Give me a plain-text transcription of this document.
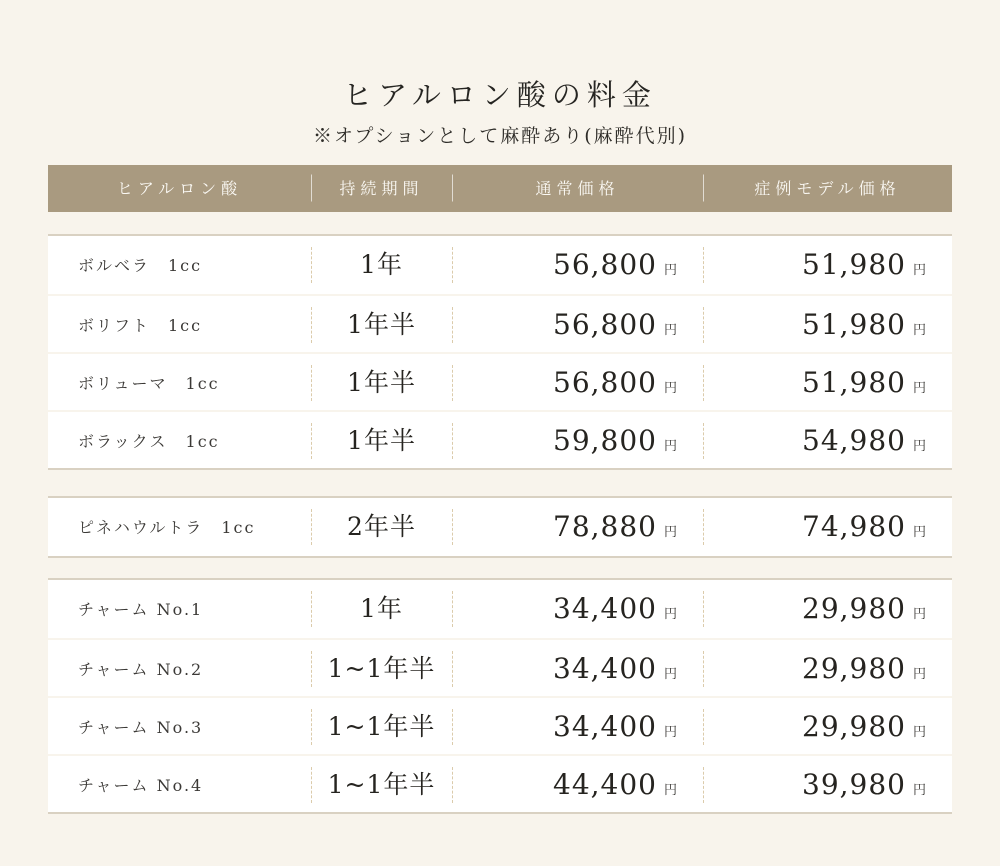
ヒアルロン酸の料金
※オプションとして麻酔あり(麻酔代別)
ヒアルロン酸	持続期間	通常価格	症例モデル価格
ボルベラ　1cc	1年	56,800 円	51,980 円
ボリフト　1cc	1年半	56,800 円	51,980 円
ボリューマ　1cc	1年半	56,800 円	51,980 円
ボラックス　1cc	1年半	59,800 円	54,980 円
ピネハウルトラ　1cc	2年半	78,880 円	74,980 円
チャーム No.1	1年	34,400 円	29,980 円
チャーム No.2	1~1年半	34,400 円	29,980 円
チャーム No.3	1~1年半	34,400 円	29,980 円
チャーム No.4	1~1年半	44,400 円	39,980 円
